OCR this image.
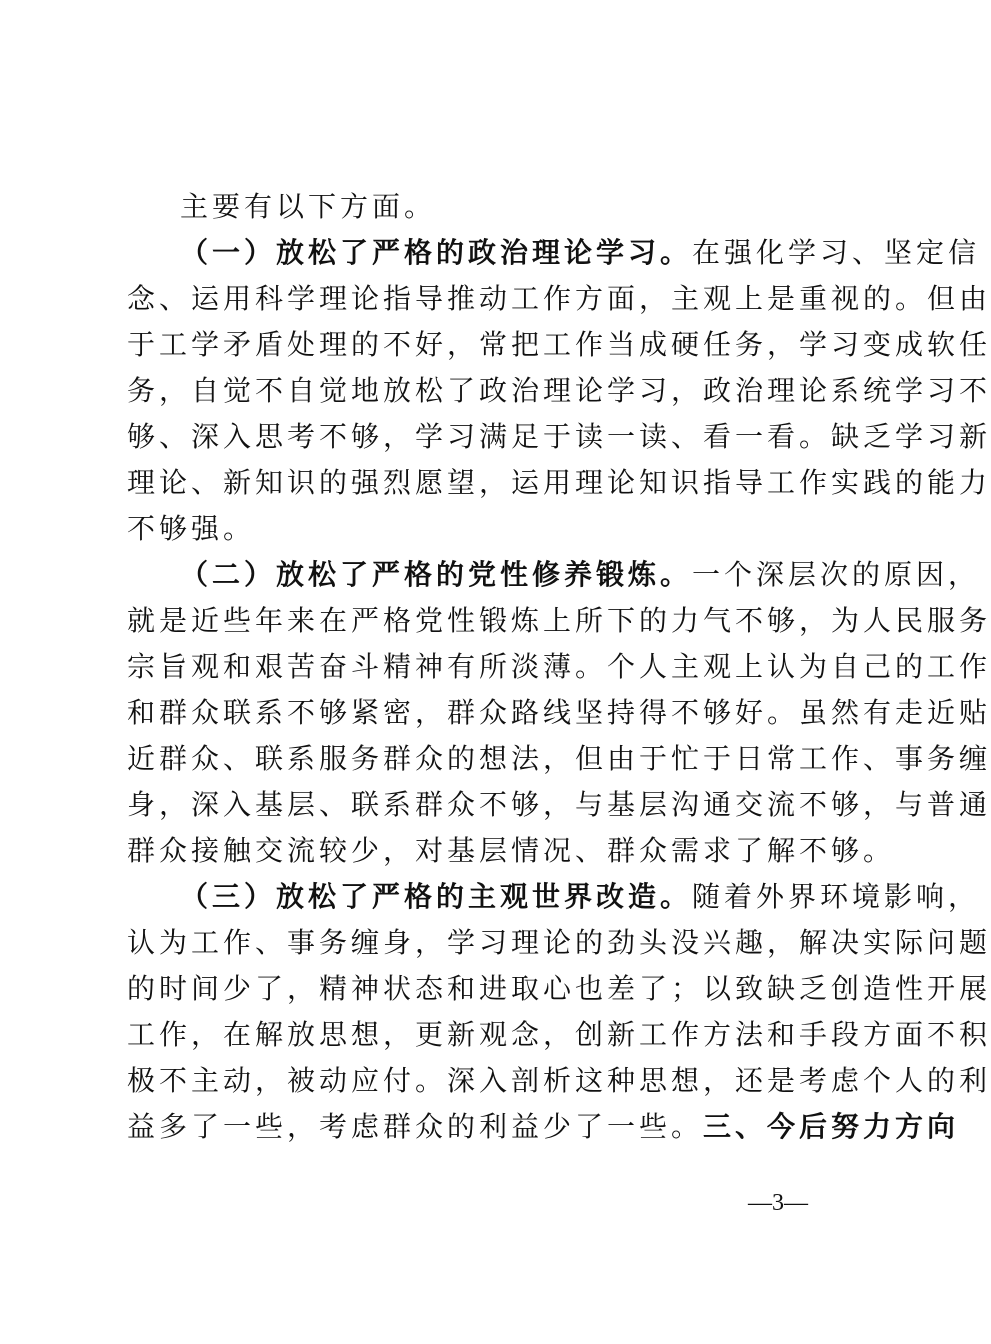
主要有以下方面。
（一）放松了严格的政治理论学习。在强化学习、坚定信
念、运用科学理论指导推动工作方面，主观上是重视的。但由
于工学矛盾处理的不好，常把工作当成硬任务，学习变成软任
务，自觉不自觉地放松了政治理论学习，政治理论系统学习不
够、深入思考不够，学习满足于读一读、看一看。缺乏学习新
理论、新知识的强烈愿望，运用理论知识指导工作实践的能力
不够强。
（二）放松了严格的党性修养锻炼。一个深层次的原因，
就是近些年来在严格党性锻炼上所下的力气不够，为人民服务
宗旨观和艰苦奋斗精神有所淡薄。个人主观上认为自己的工作
和群众联系不够紧密，群众路线坚持得不够好。虽然有走近贴
近群众、联系服务群众的想法，但由于忙于日常工作、事务缠
身，深入基层、联系群众不够，与基层沟通交流不够，与普通
群众接触交流较少，对基层情况、群众需求了解不够。
（三）放松了严格的主观世界改造。随着外界环境影响，
认为工作、事务缠身，学习理论的劲头没兴趣，解决实际问题
的时间少了，精神状态和进取心也差了；以致缺乏创造性开展
工作，在解放思想，更新观念，创新工作方法和手段方面不积
极不主动，被动应付。深入剖析这种思想，还是考虑个人的利
益多了一些，考虑群众的利益少了一些。三、今后努力方向
—3—
